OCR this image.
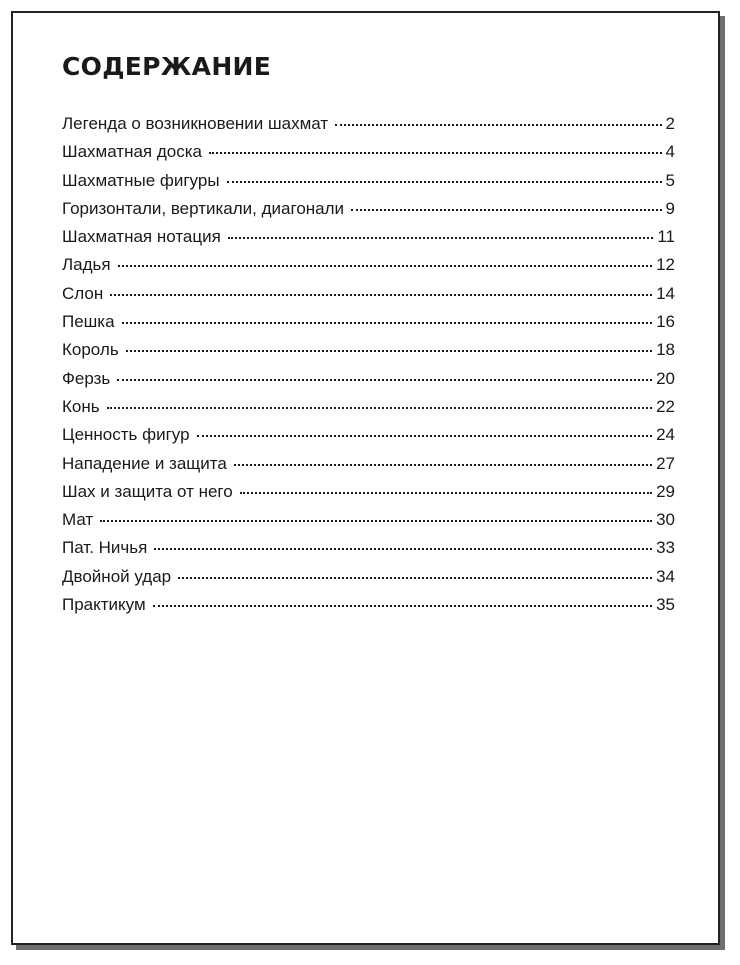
СОДЕРЖАНИЕ
Легенда о возникновении шахмат	2
Шахматная доска	4
Шахматные фигуры	5
Горизонтали, вертикали, диагонали	9
Шахматная нотация	11
Ладья	12
Слон	14
Пешка	16
Король	18
Ферзь	20
Конь	22
Ценность фигур	24
Нападение и защита	27
Шах и защита от него	29
Мат	30
Пат. Ничья	33
Двойной удар	34
Практикум	35
